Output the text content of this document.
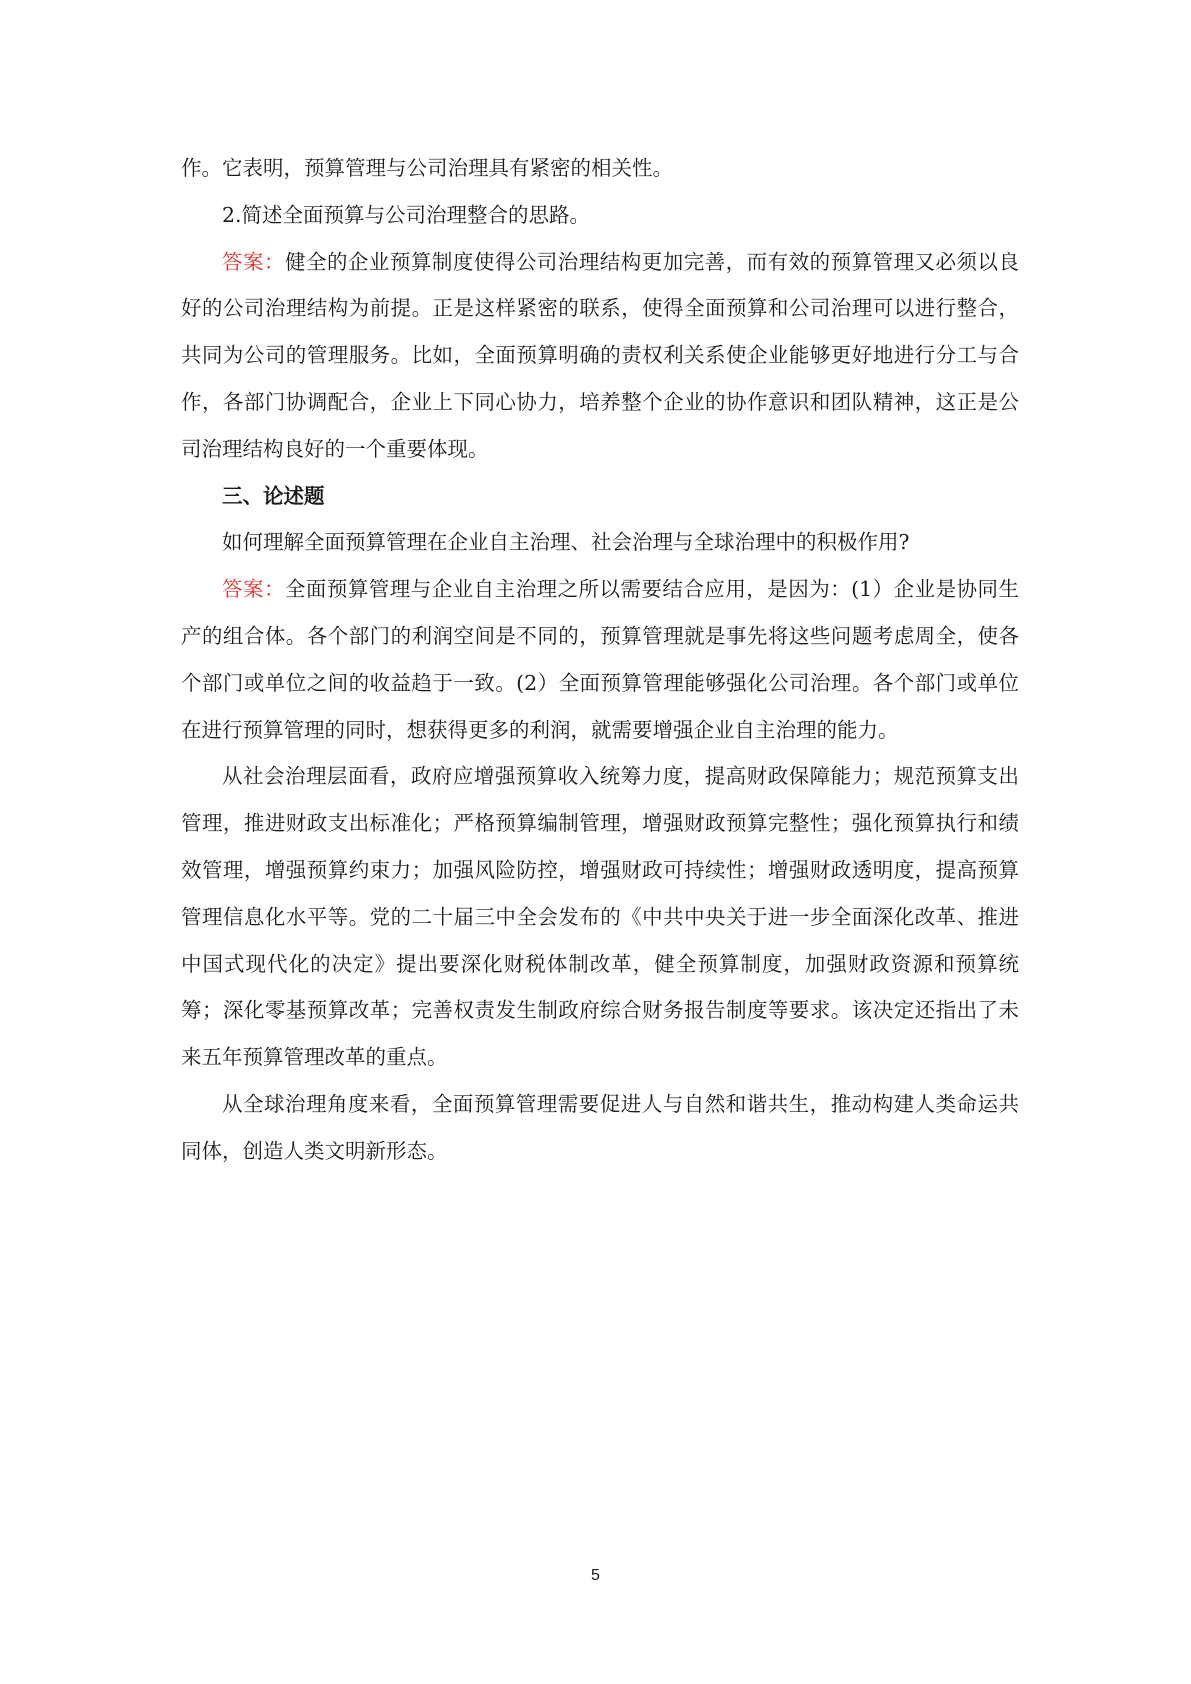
作。它表明，预算管理与公司治理具有紧密的相关性。

2.简述全面预算与公司治理整合的思路。

答案：健全的企业预算制度使得公司治理结构更加完善，而有效的预算管理又必须以良好的公司治理结构为前提。正是这样紧密的联系，使得全面预算和公司治理可以进行整合，共同为公司的管理服务。比如，全面预算明确的责权利关系使企业能够更好地进行分工与合作，各部门协调配合，企业上下同心协力，培养整个企业的协作意识和团队精神，这正是公司治理结构良好的一个重要体现。

三、论述题

如何理解全面预算管理在企业自主治理、社会治理与全球治理中的积极作用?

答案：全面预算管理与企业自主治理之所以需要结合应用，是因为：(1）企业是协同生产的组合体。各个部门的利润空间是不同的，预算管理就是事先将这些问题考虑周全，使各个部门或单位之间的收益趋于一致。(2）全面预算管理能够强化公司治理。各个部门或单位在进行预算管理的同时，想获得更多的利润，就需要增强企业自主治理的能力。

从社会治理层面看，政府应增强预算收入统筹力度，提高财政保障能力；规范预算支出管理，推进财政支出标准化；严格预算编制管理，增强财政预算完整性；强化预算执行和绩效管理，增强预算约束力；加强风险防控，增强财政可持续性；增强财政透明度，提高预算管理信息化水平等。党的二十届三中全会发布的《中共中央关于进一步全面深化改革、推进中国式现代化的决定》提出要深化财税体制改革，健全预算制度，加强财政资源和预算统筹；深化零基预算改革；完善权责发生制政府综合财务报告制度等要求。该决定还指出了未来五年预算管理改革的重点。

从全球治理角度来看，全面预算管理需要促进人与自然和谐共生，推动构建人类命运共同体，创造人类文明新形态。

5
